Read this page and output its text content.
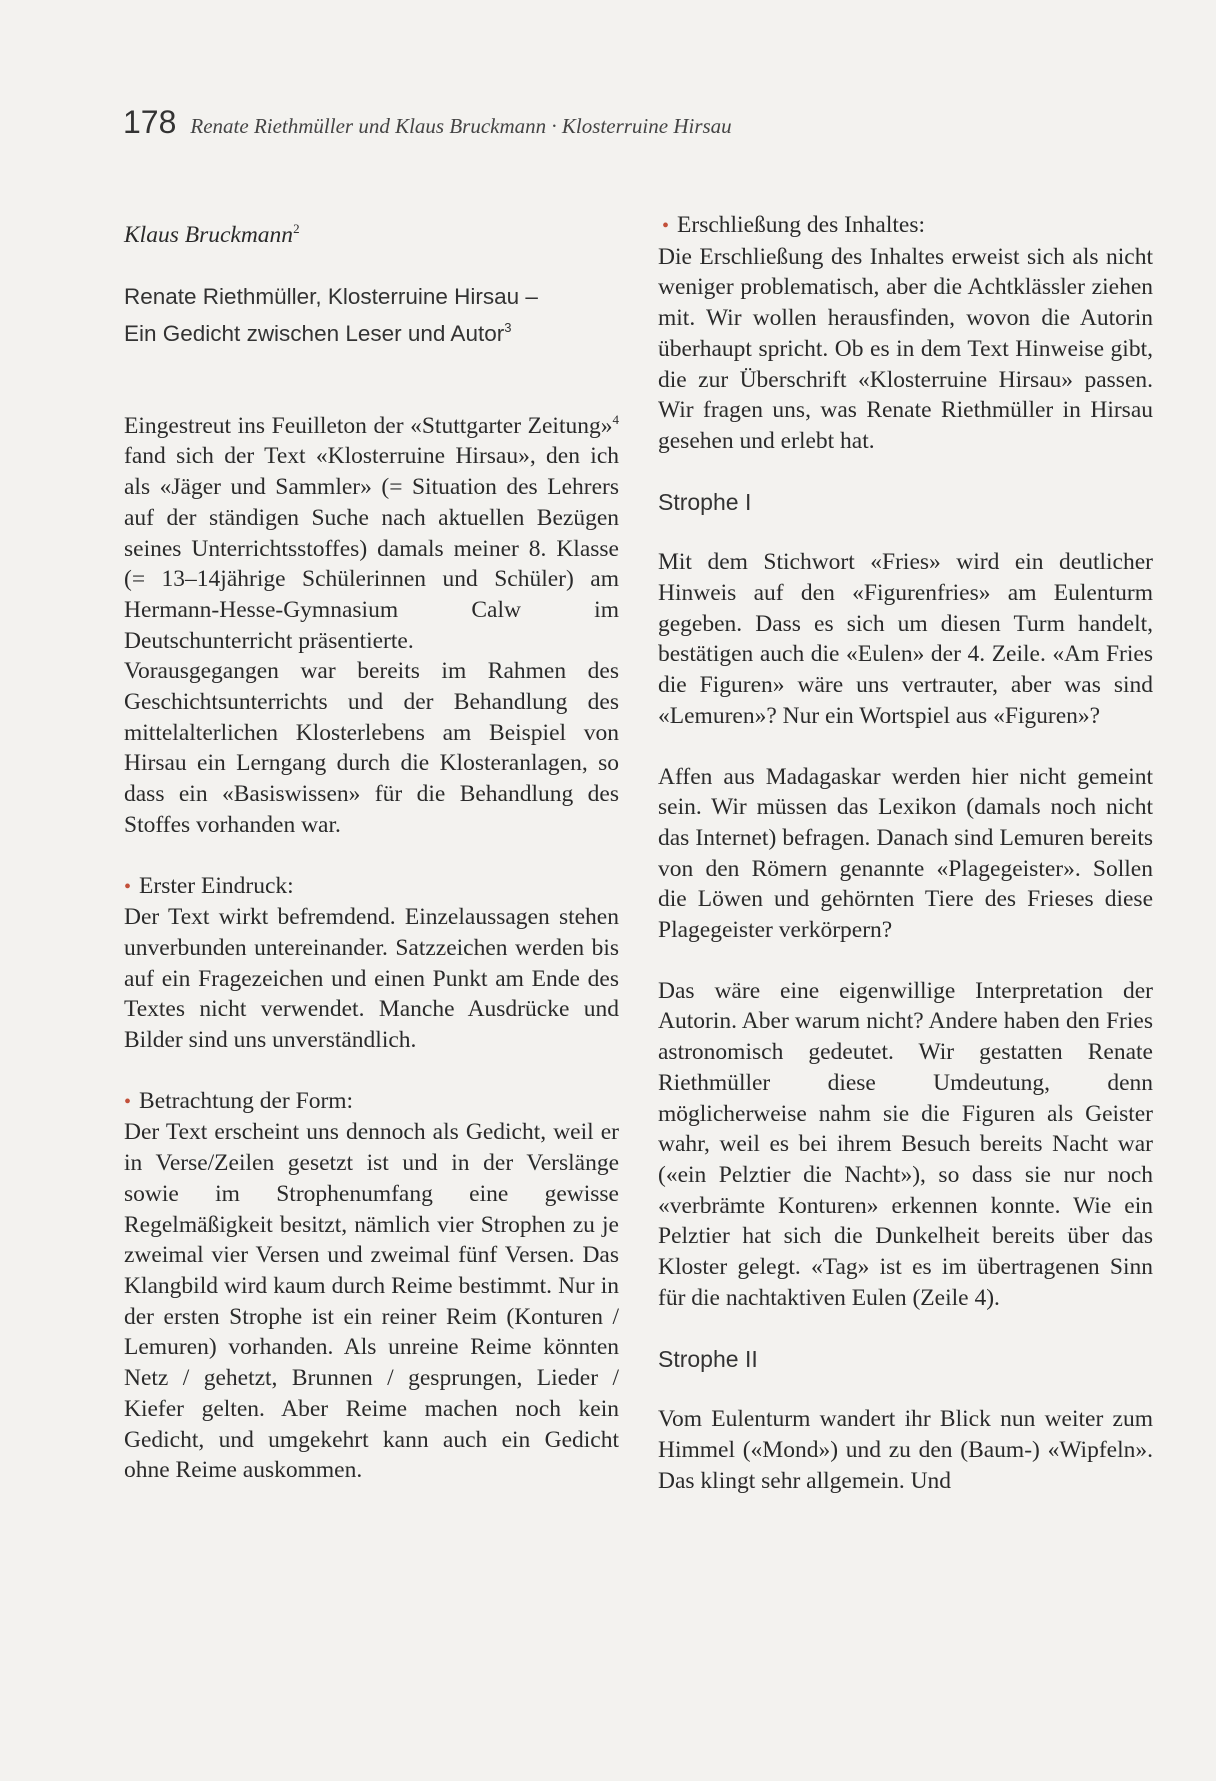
178 Renate Riethmüller und Klaus Bruckmann · Klosterruine Hirsau

Klaus Bruckmann$^2$

Renate Riethmüller, Klosterruine Hirsau –
Ein Gedicht zwischen Leser und Autor$^3$

Eingestreut ins Feuilleton der «Stuttgarter Zeitung»$^4$ fand sich der Text «Klosterruine Hirsau», den ich als «Jäger und Sammler» (= Situation des Lehrers auf der ständigen Suche nach aktuellen Bezügen seines Unterrichtsstoffes) damals meiner 8. Klasse (= 13–14jährige Schülerinnen und Schüler) am Hermann-Hesse-Gymnasium Calw im Deutschunterricht präsentierte.

Vorausgegangen war bereits im Rahmen des Geschichtsunterrichts und der Behandlung des mittelalterlichen Klosterlebens am Beispiel von Hirsau ein Lerngang durch die Klosteranlagen, so dass ein «Basiswissen» für die Behandlung des Stoffes vorhanden war.

• Erster Eindruck:

Der Text wirkt befremdend. Einzelaussagen stehen unverbunden untereinander. Satzzeichen werden bis auf ein Fragezeichen und einen Punkt am Ende des Textes nicht verwendet. Manche Ausdrücke und Bilder sind uns unverständlich.

• Betrachtung der Form:

Der Text erscheint uns dennoch als Gedicht, weil er in Verse/Zeilen gesetzt ist und in der Verslänge sowie im Strophenumfang eine gewisse Regelmäßigkeit besitzt, nämlich vier Strophen zu je zweimal vier Versen und zweimal fünf Versen. Das Klangbild wird kaum durch Reime bestimmt. Nur in der ersten Strophe ist ein reiner Reim (Konturen / Lemuren) vorhanden. Als unreine Reime könnten Netz / gehetzt, Brunnen / gesprungen, Lieder / Kiefer gelten. Aber Reime machen noch kein Gedicht, und umgekehrt kann auch ein Gedicht ohne Reime auskommen.

• Erschließung des Inhaltes:

Die Erschließung des Inhaltes erweist sich als nicht weniger problematisch, aber die Achtklässler ziehen mit. Wir wollen herausfinden, wovon die Autorin überhaupt spricht. Ob es in dem Text Hinweise gibt, die zur Überschrift «Klosterruine Hirsau» passen. Wir fragen uns, was Renate Riethmüller in Hirsau gesehen und erlebt hat.

Strophe I

Mit dem Stichwort «Fries» wird ein deutlicher Hinweis auf den «Figurenfries» am Eulenturm gegeben. Dass es sich um diesen Turm handelt, bestätigen auch die «Eulen» der 4. Zeile. «Am Fries die Figuren» wäre uns vertrauter, aber was sind «Lemuren»? Nur ein Wortspiel aus «Figuren»?

Affen aus Madagaskar werden hier nicht gemeint sein. Wir müssen das Lexikon (damals noch nicht das Internet) befragen. Danach sind Lemuren bereits von den Römern genannte «Plagegeister». Sollen die Löwen und gehörnten Tiere des Frieses diese Plagegeister verkörpern?

Das wäre eine eigenwillige Interpretation der Autorin. Aber warum nicht? Andere haben den Fries astronomisch gedeutet. Wir gestatten Renate Riethmüller diese Umdeutung, denn möglicherweise nahm sie die Figuren als Geister wahr, weil es bei ihrem Besuch bereits Nacht war («ein Pelztier die Nacht»), so dass sie nur noch «verbrämte Konturen» erkennen konnte. Wie ein Pelztier hat sich die Dunkelheit bereits über das Kloster gelegt. «Tag» ist es im übertragenen Sinn für die nachtaktiven Eulen (Zeile 4).

Strophe II

Vom Eulenturm wandert ihr Blick nun weiter zum Himmel («Mond») und zu den (Baum-) «Wipfeln». Das klingt sehr allgemein. Und
